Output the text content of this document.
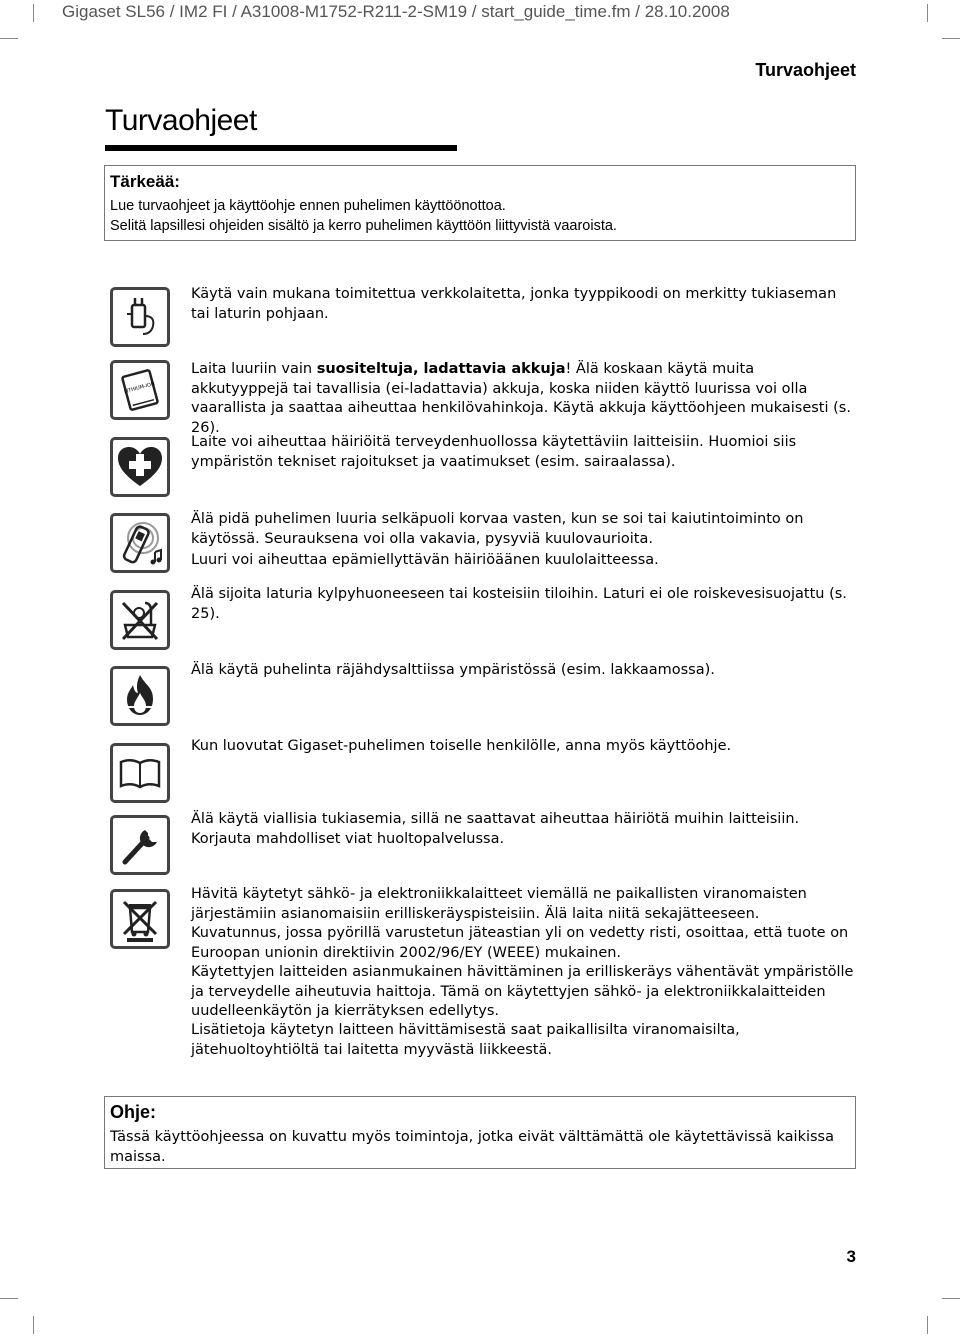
Gigaset SL56 / IM2 FI / A31008-M1752-R211-2-SM19 / start_guide_time.fm / 28.10.2008
Turvaohjeet
Turvaohjeet
Tärkeää:

Lue turvaohjeet ja käyttöohje ennen puhelimen käyttöönottoa.

Selitä lapsillesi ohjeiden sisältö ja kerro puhelimen käyttöön liittyvistä vaaroista.

LITHIUM-ION

Käytä vain mukana toimitettua verkkolaitetta, jonka tyyppikoodi on merkitty tukiaseman tai laturin pohjaan.

Laita luuriin vain suositeltuja, ladattavia akkuja! Älä koskaan käytä muita akkutyyppejä tai tavallisia (ei-ladattavia) akkuja, koska niiden käyttö luurissa voi olla vaarallista ja saattaa aiheuttaa henkilövahinkoja. Käytä akkuja käyttöohjeen mukaisesti (s. 26).

Laite voi aiheuttaa häiriöitä terveydenhuollossa käytettäviin laitteisiin. Huomioi siis ympäristön tekniset rajoitukset ja vaatimukset (esim. sairaalassa).

Älä pidä puhelimen luuria selkäpuoli korvaa vasten, kun se soi tai kaiutintoiminto on käytössä. Seurauksena voi olla vakavia, pysyviä kuulovaurioita.

Luuri voi aiheuttaa epämiellyttävän häiriöäänen kuulolaitteessa.

Älä sijoita laturia kylpyhuoneeseen tai kosteisiin tiloihin. Laturi ei ole roiskevesisuojattu (s. 25).

Älä käytä puhelinta räjähdysalttiissa ympäristössä (esim. lakkaamossa).

Kun luovutat Gigaset-puhelimen toiselle henkilölle, anna myös käyttöohje.

Älä käytä viallisia tukiasemia, sillä ne saattavat aiheuttaa häiriötä muihin laitteisiin. Korjauta mahdolliset viat huoltopalvelussa.

Hävitä käytetyt sähkö- ja elektroniikkalaitteet viemällä ne paikallisten viranomaisten järjestämiin asianomaisiin erilliskeräyspisteisiin. Älä laita niitä sekajätteeseen.

Kuvatunnus, jossa pyörillä varustetun jäteastian yli on vedetty risti, osoittaa, että tuote on Euroopan unionin direktiivin 2002/96/EY (WEEE) mukainen.

Käytettyjen laitteiden asianmukainen hävittäminen ja erilliskeräys vähentävät ympäristölle ja terveydelle aiheutuvia haittoja. Tämä on käytettyjen sähkö- ja elektroniikkalaitteiden uudelleenkäytön ja kierrätyksen edellytys.

Lisätietoja käytetyn laitteen hävittämisestä saat paikallisilta viranomaisilta, jätehuoltoyhtiöltä tai laitetta myyvästä liikkeestä.

Ohje:

Tässä käyttöohjeessa on kuvattu myös toimintoja, jotka eivät välttämättä ole käytettävissä kaikissa maissa.

3
